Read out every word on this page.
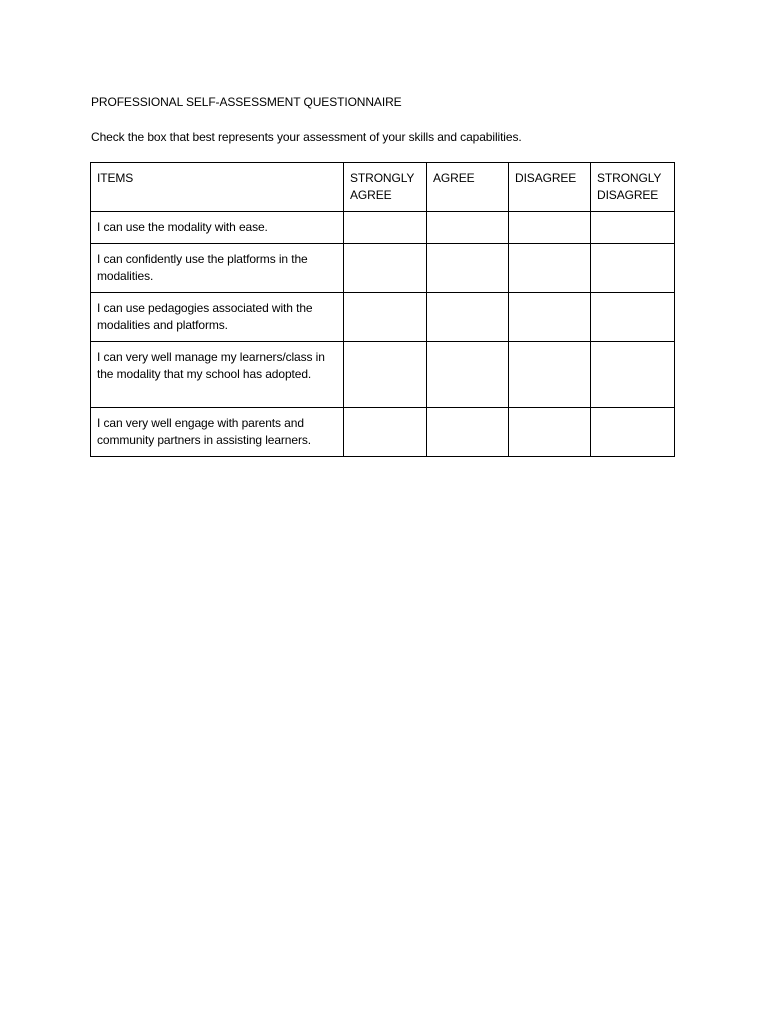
PROFESSIONAL SELF-ASSESSMENT QUESTIONNAIRE
Check the box that best represents your assessment of your skills and capabilities.
ITEMS	STRONGLY AGREE	AGREE	DISAGREE	STRONGLY DISAGREE
I can use the modality with ease.				
I can confidently use the platforms in the modalities.				
I can use pedagogies associated with the modalities and platforms.				
I can very well manage my learners/class in the modality that my school has adopted.				
I can very well engage with parents and community partners in assisting learners.				
